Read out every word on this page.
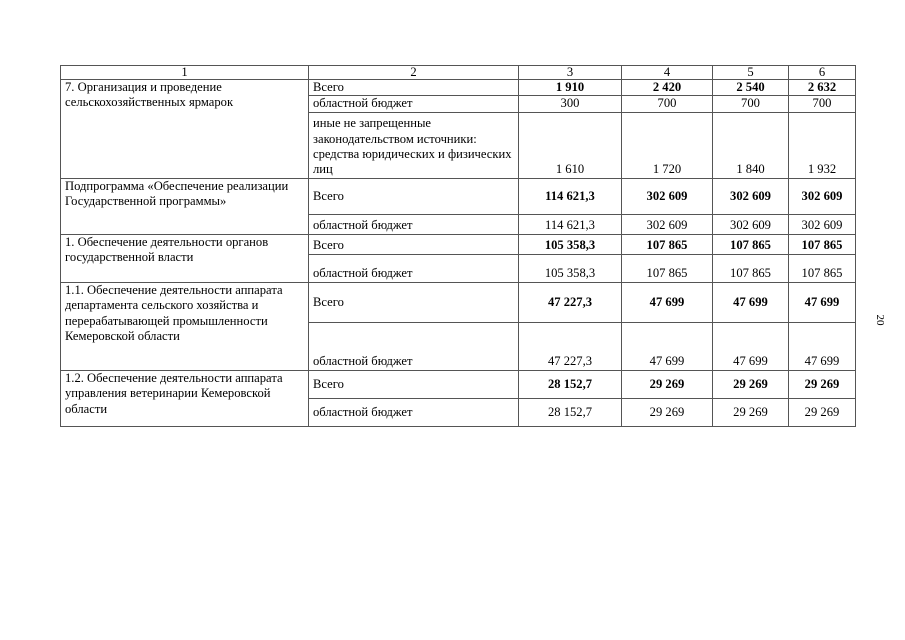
1	2	3	4	5	6
7. Организация и проведение сельскохозяйственных ярмарок	Всего	1 910	2 420	2 540	2 632
	областной бюджет	300	700	700	700
	иные не запрещенные законодательством источники: средства юридических и физических лиц	1 610	1 720	1 840	1 932
Подпрограмма «Обеспечение реализации Государственной программы»	Всего	114 621,3	302 609	302 609	302 609
	областной бюджет	114 621,3	302 609	302 609	302 609
1. Обеспечение деятельности органов государственной власти	Всего	105 358,3	107 865	107 865	107 865
	областной бюджет	105 358,3	107 865	107 865	107 865
1.1. Обеспечение деятельности аппарата департамента сельского хозяйства и перерабатывающей промышленности Кемеровской области	Всего	47 227,3	47 699	47 699	47 699
	областной бюджет	47 227,3	47 699	47 699	47 699
1.2. Обеспечение деятельности аппарата управления ветеринарии Кемеровской области	Всего	28 152,7	29 269	29 269	29 269
	областной бюджет	28 152,7	29 269	29 269	29 269
20
